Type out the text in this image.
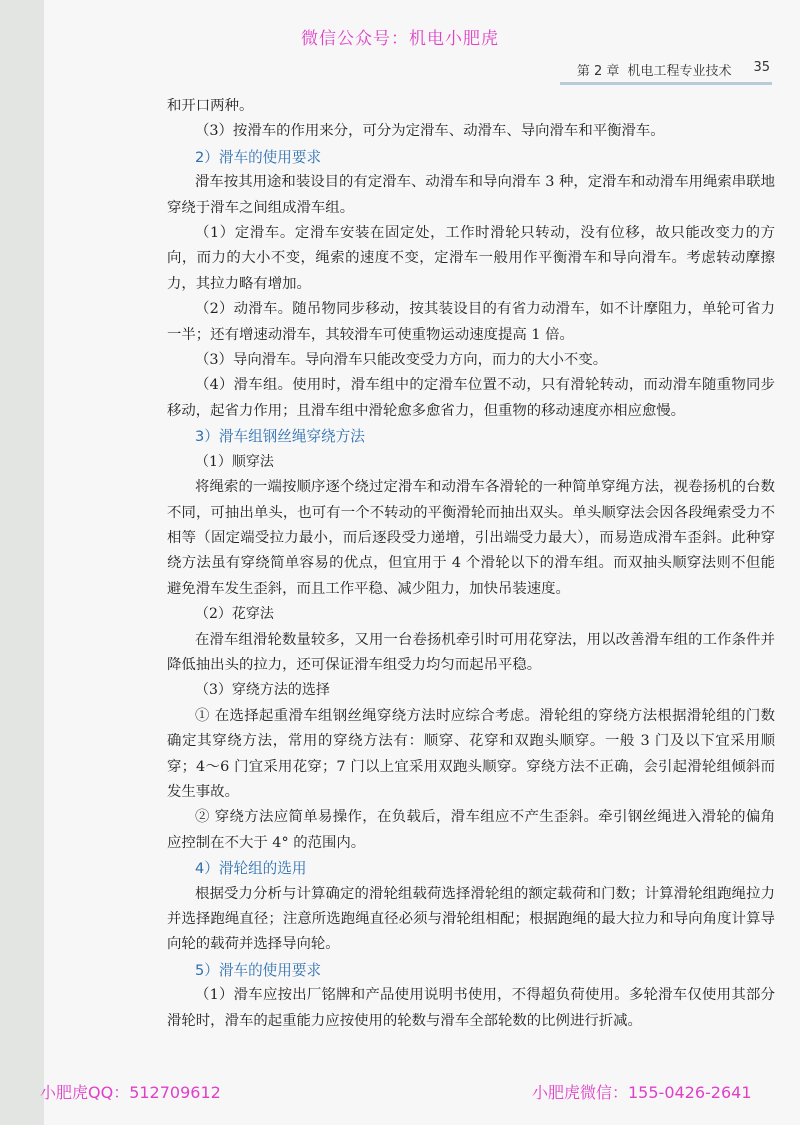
微信公众号：机电小肥虎
第 2 章 机电工程专业技术 35

和开口两种。

（3）按滑车的作用来分，可分为定滑车、动滑车、导向滑车和平衡滑车。

2）滑车的使用要求

滑车按其用途和装设目的有定滑车、动滑车和导向滑车 3 种，定滑车和动滑车用绳索串联地穿绕于滑车之间组成滑车组。

（1）定滑车。定滑车安装在固定处，工作时滑轮只转动，没有位移，故只能改变力的方向，而力的大小不变，绳索的速度不变，定滑车一般用作平衡滑车和导向滑车。考虑转动摩擦力，其拉力略有增加。

（2）动滑车。随吊物同步移动，按其装设目的有省力动滑车，如不计摩阻力，单轮可省力一半；还有增速动滑车，其较滑车可使重物运动速度提高 1 倍。

（3）导向滑车。导向滑车只能改变受力方向，而力的大小不变。

（4）滑车组。使用时，滑车组中的定滑车位置不动，只有滑轮转动，而动滑车随重物同步移动，起省力作用；且滑车组中滑轮愈多愈省力，但重物的移动速度亦相应愈慢。

3）滑车组钢丝绳穿绕方法
（1）顺穿法

将绳索的一端按顺序逐个绕过定滑车和动滑车各滑轮的一种简单穿绳方法，视卷扬机的台数不同，可抽出单头，也可有一个不转动的平衡滑轮而抽出双头。单头顺穿法会因各段绳索受力不相等（固定端受拉力最小，而后逐段受力递增，引出端受力最大），而易造成滑车歪斜。此种穿绕方法虽有穿绕简单容易的优点，但宜用于 4 个滑轮以下的滑车组。而双抽头顺穿法则不但能避免滑车发生歪斜，而且工作平稳、减少阻力，加快吊装速度。

（2）花穿法

在滑车组滑轮数量较多，又用一台卷扬机牵引时可用花穿法，用以改善滑车组的工作条件并降低抽出头的拉力，还可保证滑车组受力均匀而起吊平稳。

（3）穿绕方法的选择

① 在选择起重滑车组钢丝绳穿绕方法时应综合考虑。滑轮组的穿绕方法根据滑轮组的门数确定其穿绕方法，常用的穿绕方法有：顺穿、花穿和双跑头顺穿。一般 3 门及以下宜采用顺穿；4～6 门宜采用花穿；7 门以上宜采用双跑头顺穿。穿绕方法不正确，会引起滑轮组倾斜而发生事故。

② 穿绕方法应简单易操作，在负载后，滑车组应不产生歪斜。牵引钢丝绳进入滑轮的偏角应控制在不大于 4° 的范围内。

4）滑轮组的选用

根据受力分析与计算确定的滑轮组载荷选择滑轮组的额定载荷和门数；计算滑轮组跑绳拉力并选择跑绳直径；注意所选跑绳直径必须与滑轮组相配；根据跑绳的最大拉力和导向角度计算导向轮的载荷并选择导向轮。

5）滑车的使用要求

（1）滑车应按出厂铭牌和产品使用说明书使用，不得超负荷使用。多轮滑车仅使用其部分滑轮时，滑车的起重能力应按使用的轮数与滑车全部轮数的比例进行折减。

小肥虎QQ：512709612	小肥虎微信：155-0426-2641
